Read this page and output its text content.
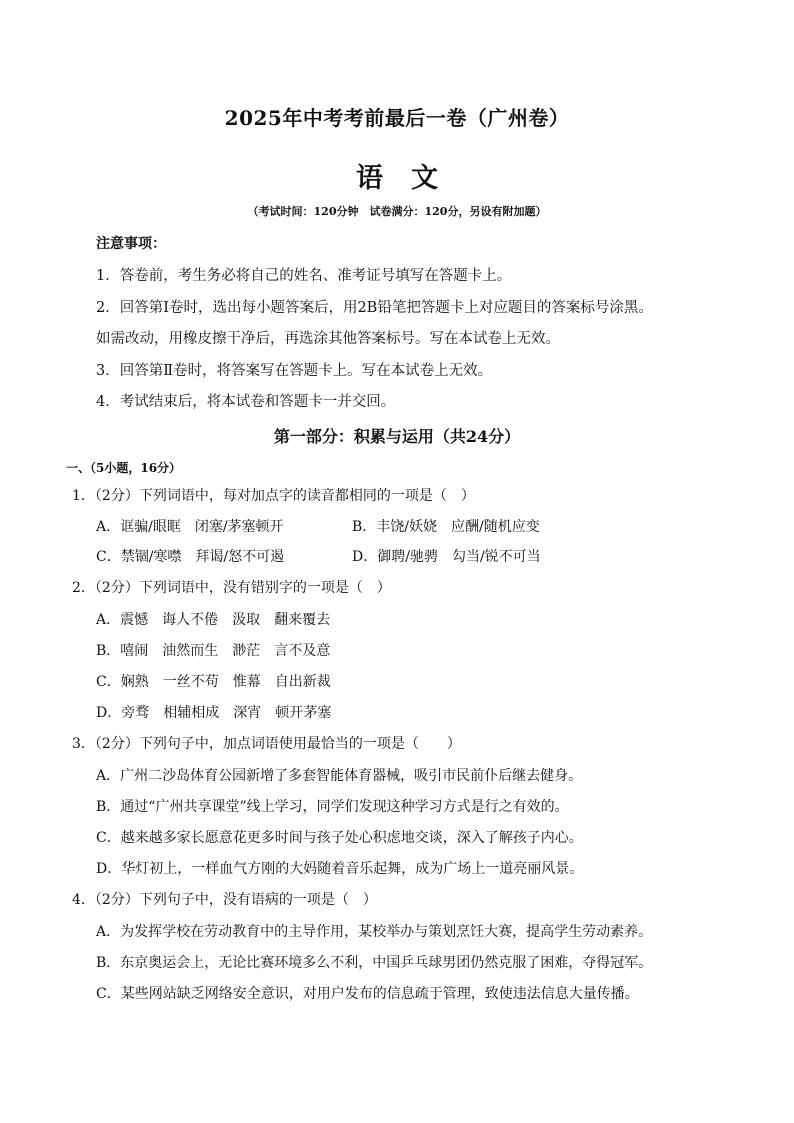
2025年中考考前最后一卷（广州卷）
语文
（考试时间：120分钟　试卷满分：120分，另设有附加题）
注意事项：
1．答卷前，考生务必将自己的姓名、准考证号填写在答题卡上。
2．回答第Ⅰ卷时，选出每小题答案后，用2B铅笔把答题卡上对应题目的答案标号涂黑。
如需改动，用橡皮擦干净后，再选涂其他答案标号。写在本试卷上无效。
3．回答第Ⅱ卷时，将答案写在答题卡上。写在本试卷上无效。
4．考试结束后，将本试卷和答题卡一并交回。
第一部分：积累与运用（共24分）
一、（5小题，16分）
1．（2分）下列词语中，每对加点字的读音都相同的一项是（　）
A．诓骗/眼眶　闭塞/茅塞顿开	B．丰饶/妖娆　应酬/随机应变
C．禁锢/寒噤　拜谒/怒不可遏	D．御聘/驰骋　勾当/锐不可当
2．（2分）下列词语中，没有错别字的一项是（　）
A．震憾　诲人不倦　汲取　翻来覆去
B．嘻闹　油然而生　渺茫　言不及意
C．娴熟　一丝不苟　惟幕　自出新裁
D．旁骛　相辅相成　深宵　顿开茅塞
3．（2分）下列句子中，加点词语使用最恰当的一项是（　　）
A．广州二沙岛体育公园新增了多套智能体育器械，吸引市民前仆后继去健身。
B．通过“广州共享课堂”线上学习，同学们发现这种学习方式是行之有效的。
C．越来越多家长愿意花更多时间与孩子处心积虑地交谈，深入了解孩子内心。
D．华灯初上，一样血气方刚的大妈随着音乐起舞，成为广场上一道亮丽风景。
4．（2分）下列句子中，没有语病的一项是（　）
A．为发挥学校在劳动教育中的主导作用，某校举办与策划烹饪大赛，提高学生劳动素养。
B．东京奥运会上，无论比赛环境多么不利，中国乒乓球男团仍然克服了困难，夺得冠军。
C．某些网站缺乏网络安全意识，对用户发布的信息疏于管理，致使违法信息大量传播。
